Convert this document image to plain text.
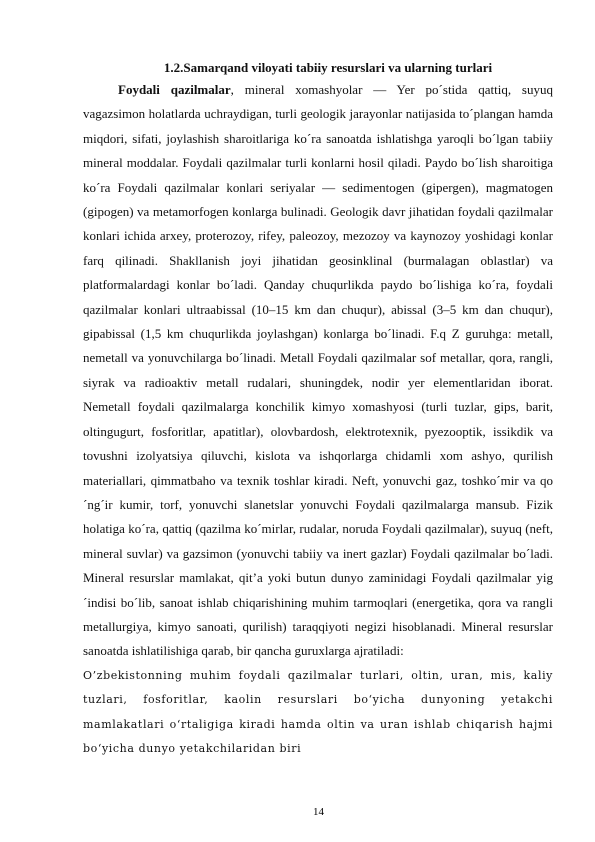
1.2.Samarqand viloyati tabiiy resurslari va ularning turlari

Foydali qazilmalar, mineral xomashyolar — Yer po´stida qattiq, suyuq vagazsimon holatlarda uchraydigan, turli geologik jarayonlar natijasida to´plangan hamda miqdori, sifati, joylashish sharoitlariga ko´ra sanoatda ishlatishga yaroqli bo´lgan tabiiy mineral moddalar. Foydali qazilmalar turli konlarni hosil qiladi. Paydo bo´lish sharoitiga ko´ra Foydali qazilmalar konlari seriyalar — sedimentogen (gipergen), magmatogen (gipogen) va metamorfogen konlarga bulinadi. Geologik davr jihatidan foydali qazilmalar konlari ichida arxey, proterozoy, rifey, paleozoy, mezozoy va kaynozoy yoshidagi konlar farq qilinadi. Shakllanish joyi jihatidan geosinklinal (burmalagan oblastlar) va platformalardagi konlar bo´ladi. Qanday chuqurlikda paydo bo´lishiga ko´ra, foydali qazilmalar konlari ultraabissal (10–15 km dan chuqur), abissal (3–5 km dan chuqur), gipabissal (1,5 km chuqurlikda joylashgan) konlarga bo´linadi. F.q Z guruhga: metall, nemetall va yonuvchilarga bo´linadi. Metall Foydali qazilmalar sof metallar, qora, rangli, siyrak va radioaktiv metall rudalari, shuningdek, nodir yer elementlaridan iborat. Nemetall foydali qazilmalarga konchilik kimyo xomashyosi (turli tuzlar, gips, barit, oltingugurt, fosforitlar, apatitlar), olovbardosh, elektrotexnik, pyezooptik, issikdik va tovushni izolyatsiya qiluvchi, kislota va ishqorlarga chidamli xom ashyo, qurilish materiallari, qimmatbaho va texnik toshlar kiradi. Neft, yonuvchi gaz, toshko´mir va qo´ng´ir kumir, torf, yonuvchi slanetslar yonuvchi Foydali qazilmalarga mansub. Fizik holatiga ko´ra, qattiq (qazilma ko´mirlar, rudalar, noruda Foydali qazilmalar), suyuq (neft, mineral suvlar) va gazsimon (yonuvchi tabiiy va inert gazlar) Foydali qazilmalar bo´ladi. Mineral resurslar mamlakat, qit’a yoki butun dunyo zaminidagi Foydali qazilmalar yig´indisi bo´lib, sanoat ishlab chiqarishining muhim tarmoqlari (energetika, qora va rangli metallurgiya, kimyo sanoati, qurilish) taraqqiyoti negizi hisoblanadi. Mineral resurslar sanoatda ishlatilishiga qarab, bir qancha guruxlarga ajratiladi:

O’zbekistonning muhim foydali qazilmalar turlari, oltin, uran, mis, kaliy tuzlari, fosforitlar, kaolin resurslari bo‘yicha dunyoning yetakchi mamlakatlari o‘rtaligiga kiradi hamda oltin va uran ishlab chiqarish hajmi bo‘yicha dunyo yetakchilaridan biri

14
